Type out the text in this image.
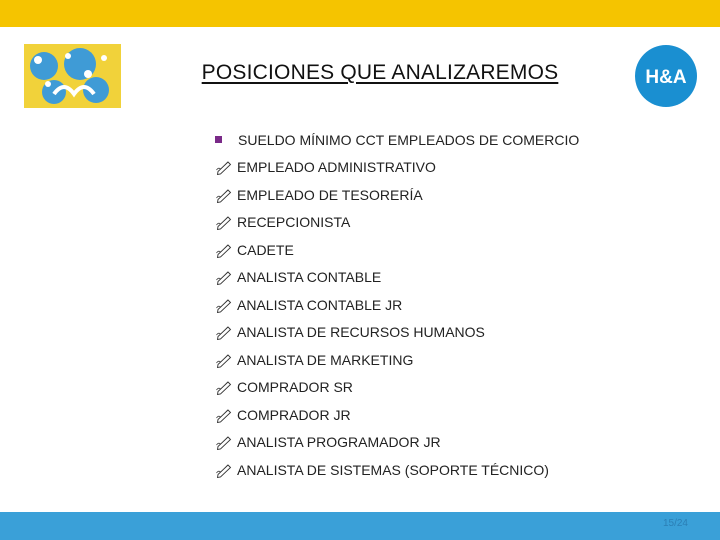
POSICIONES QUE ANALIZAREMOS	H&A
SUELDO MÍNIMO CCT EMPLEADOS DE COMERCIO
EMPLEADO ADMINISTRATIVO
EMPLEADO DE TESORERÍA
RECEPCIONISTA
CADETE
ANALISTA CONTABLE
ANALISTA CONTABLE JR
ANALISTA DE RECURSOS HUMANOS
ANALISTA DE MARKETING
COMPRADOR SR
COMPRADOR JR
ANALISTA PROGRAMADOR JR
ANALISTA DE SISTEMAS (SOPORTE TÉCNICO)
15/24
